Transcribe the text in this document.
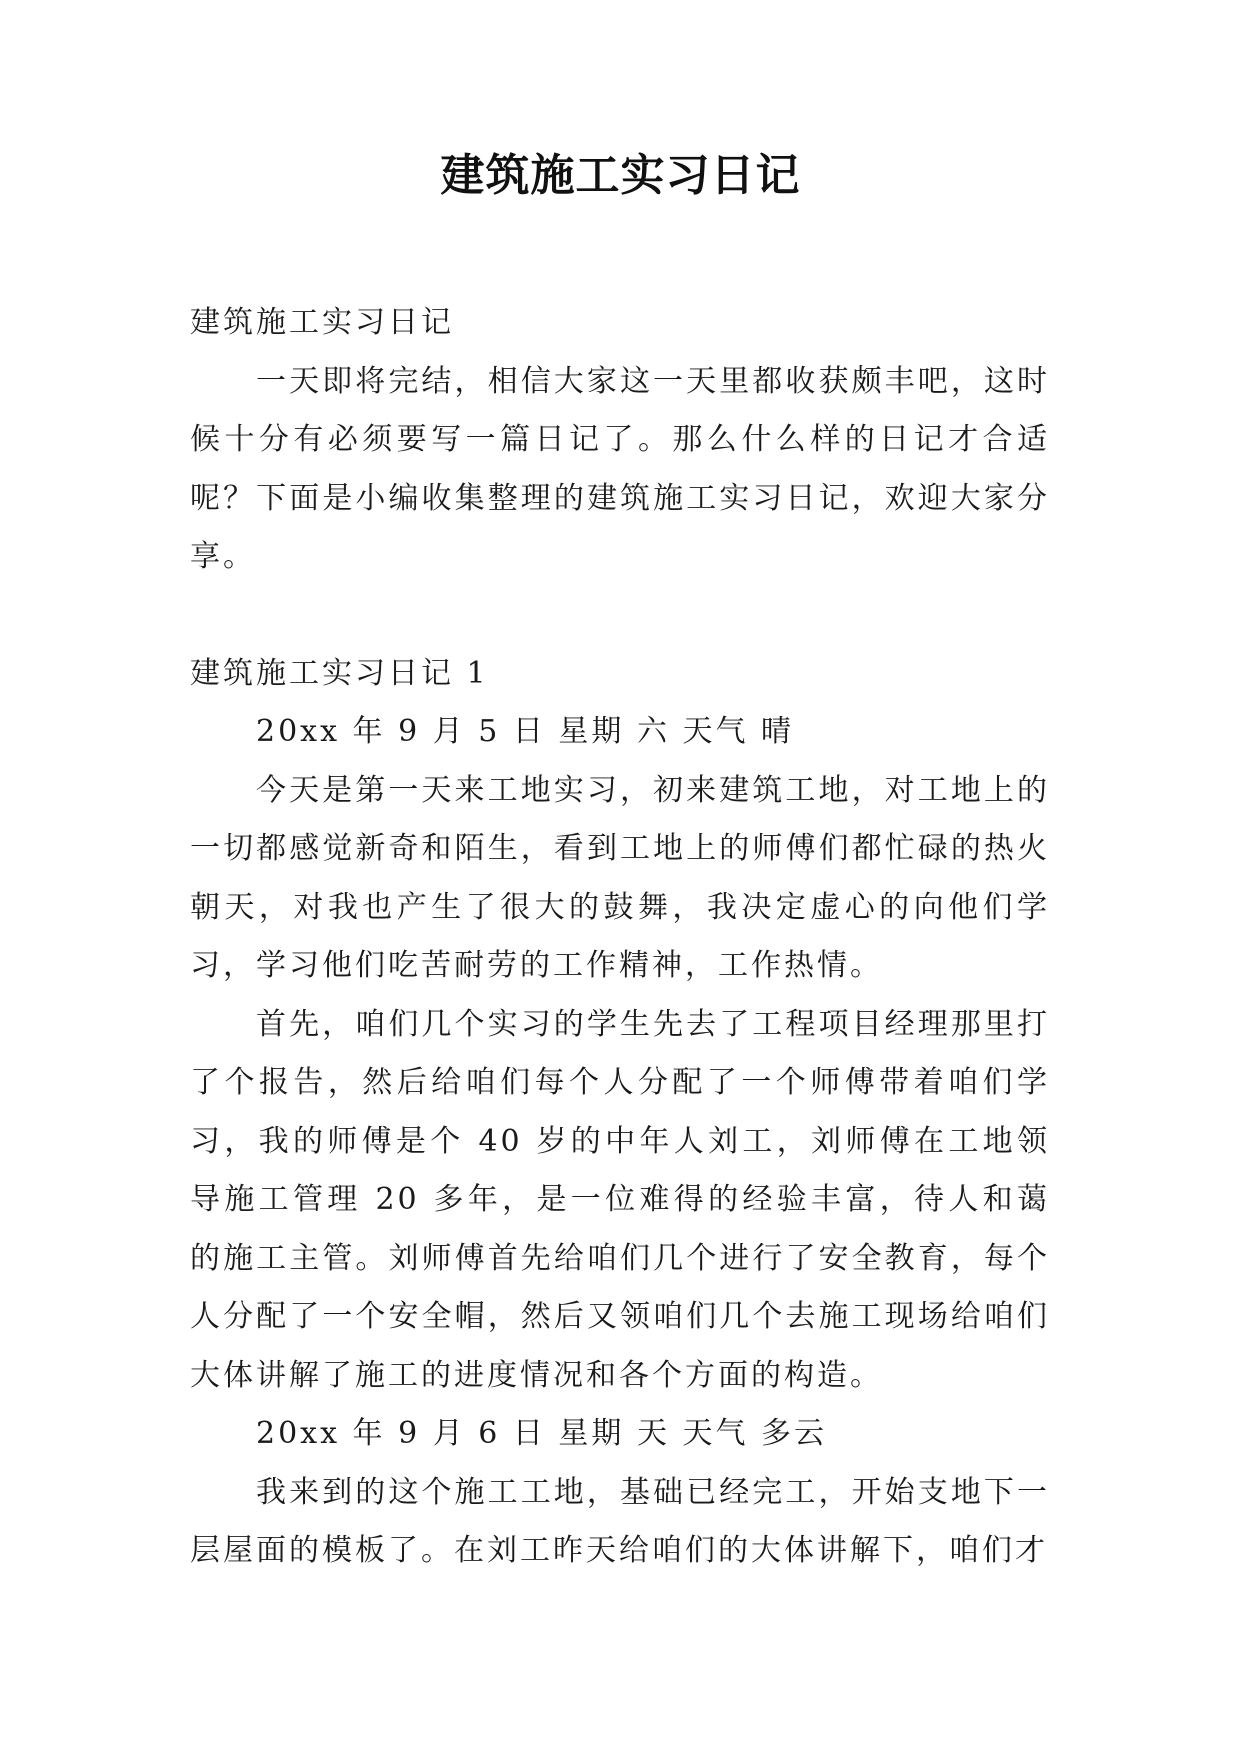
建筑施工实习日记

建筑施工实习日记

一天即将完结，相信大家这一天里都收获颇丰吧，这时候十分有必须要写一篇日记了。那么什么样的日记才合适呢？下面是小编收集整理的建筑施工实习日记，欢迎大家分享。

建筑施工实习日记 1

20xx 年 9 月 5 日 星期 六 天气 晴

今天是第一天来工地实习，初来建筑工地，对工地上的一切都感觉新奇和陌生，看到工地上的师傅们都忙碌的热火朝天，对我也产生了很大的鼓舞，我决定虚心的向他们学习，学习他们吃苦耐劳的工作精神，工作热情。

首先，咱们几个实习的学生先去了工程项目经理那里打了个报告，然后给咱们每个人分配了一个师傅带着咱们学习，我的师傅是个 40 岁的中年人刘工，刘师傅在工地领导施工管理 20 多年，是一位难得的经验丰富，待人和蔼的施工主管。刘师傅首先给咱们几个进行了安全教育，每个人分配了一个安全帽，然后又领咱们几个去施工现场给咱们大体讲解了施工的进度情况和各个方面的构造。

20xx 年 9 月 6 日 星期 天 天气 多云

我来到的这个施工工地，基础已经完工，开始支地下一层屋面的模板了。在刘工昨天给咱们的大体讲解下，咱们才
